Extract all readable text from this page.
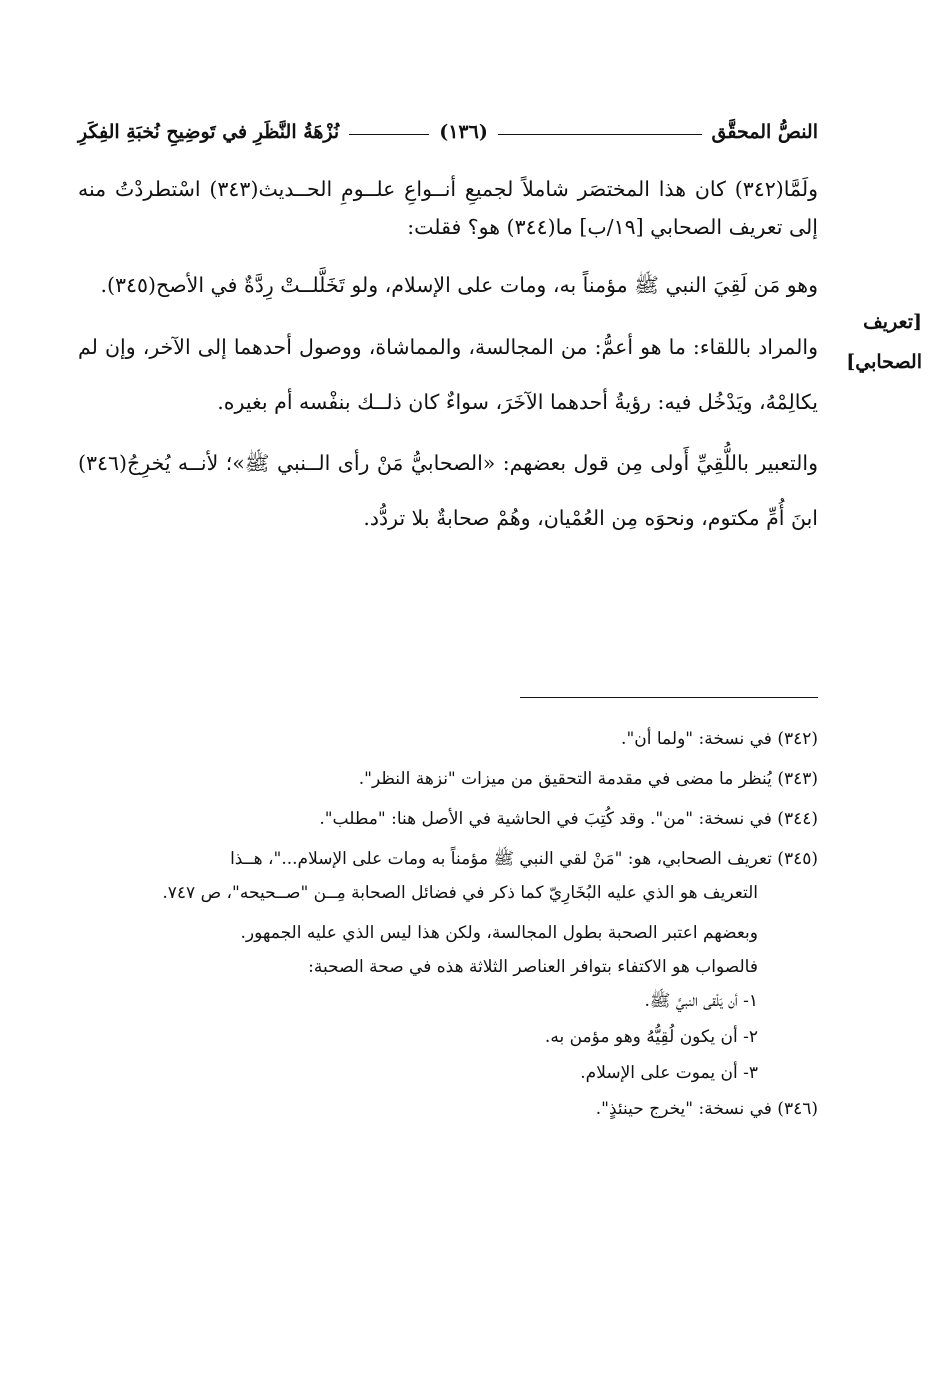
النصُّ المحقَّق
(١٣٦)
نُزْهَةُ النَّظَرِ في تَوضِيحِ نُخبَةِ الفِكَرِ
[تعريف الصحابي]

ولَمَّا(٣٤٢) كان هذا المختصَر شاملاً لجميعِ أنــواعِ علــومِ الحــديث(٣٤٣) اسْتطردْتُ منه إلى تعريف الصحابي [١٩/ب] ما(٣٤٤) هو؟ فقلت:

وهو مَن لَقِيَ النبي ﷺ مؤمناً به، ومات على الإسلام، ولو تَخَلَّلــتْ رِدَّةٌ في الأصح(٣٤٥).

والمراد باللقاء: ما هو أعمُّ: من المجالسة، والمماشاة، ووصول أحدهما إلى الآخر، وإن لم يكالِمْهُ، ويَدْخُل فيه: رؤيةُ أحدهما الآخَرَ، سواءٌ كان ذلــك بنفْسه أم بغيره.

والتعبير باللُّقِيِّ أَولى مِن قول بعضهم: «الصحابيُّ مَنْ رأى الــنبي ﷺ»؛ لأنــه يُخرِجُ(٣٤٦) ابنَ أُمِّ مكتوم، ونحوَه مِن العُمْيان، وهُمْ صحابةٌ بلا تردُّد.

(٣٤٢) في نسخة: "ولما أن".

(٣٤٣) يُنظر ما مضى في مقدمة التحقيق من ميزات "نزهة النظر".

(٣٤٤) في نسخة: "من". وقد كُتِبَ في الحاشية في الأصل هنا: "مطلب".

(٣٤٥) تعريف الصحابي، هو: "مَنْ لقي النبي ﷺ مؤمناً به ومات على الإسلام..."، هــذا

التعريف هو الذي عليه البُخَارِيّ كما ذكر في فضائل الصحابة مِــن "صــحيحه"، ص ٧٤٧.

وبعضهم اعتبر الصحبة بطول المجالسة، ولكن هذا ليس الذي عليه الجمهور.

فالصواب هو الاكتفاء بتوافر العناصر الثلاثة هذه في صحة الصحبة:

١- أن يَلْقى النبيَّ ﷺ.

٢- أن يكون لُقِيُّهُ وهو مؤمن به.

٣- أن يموت على الإسلام.

(٣٤٦) في نسخة: "يخرج حينئذٍ".
